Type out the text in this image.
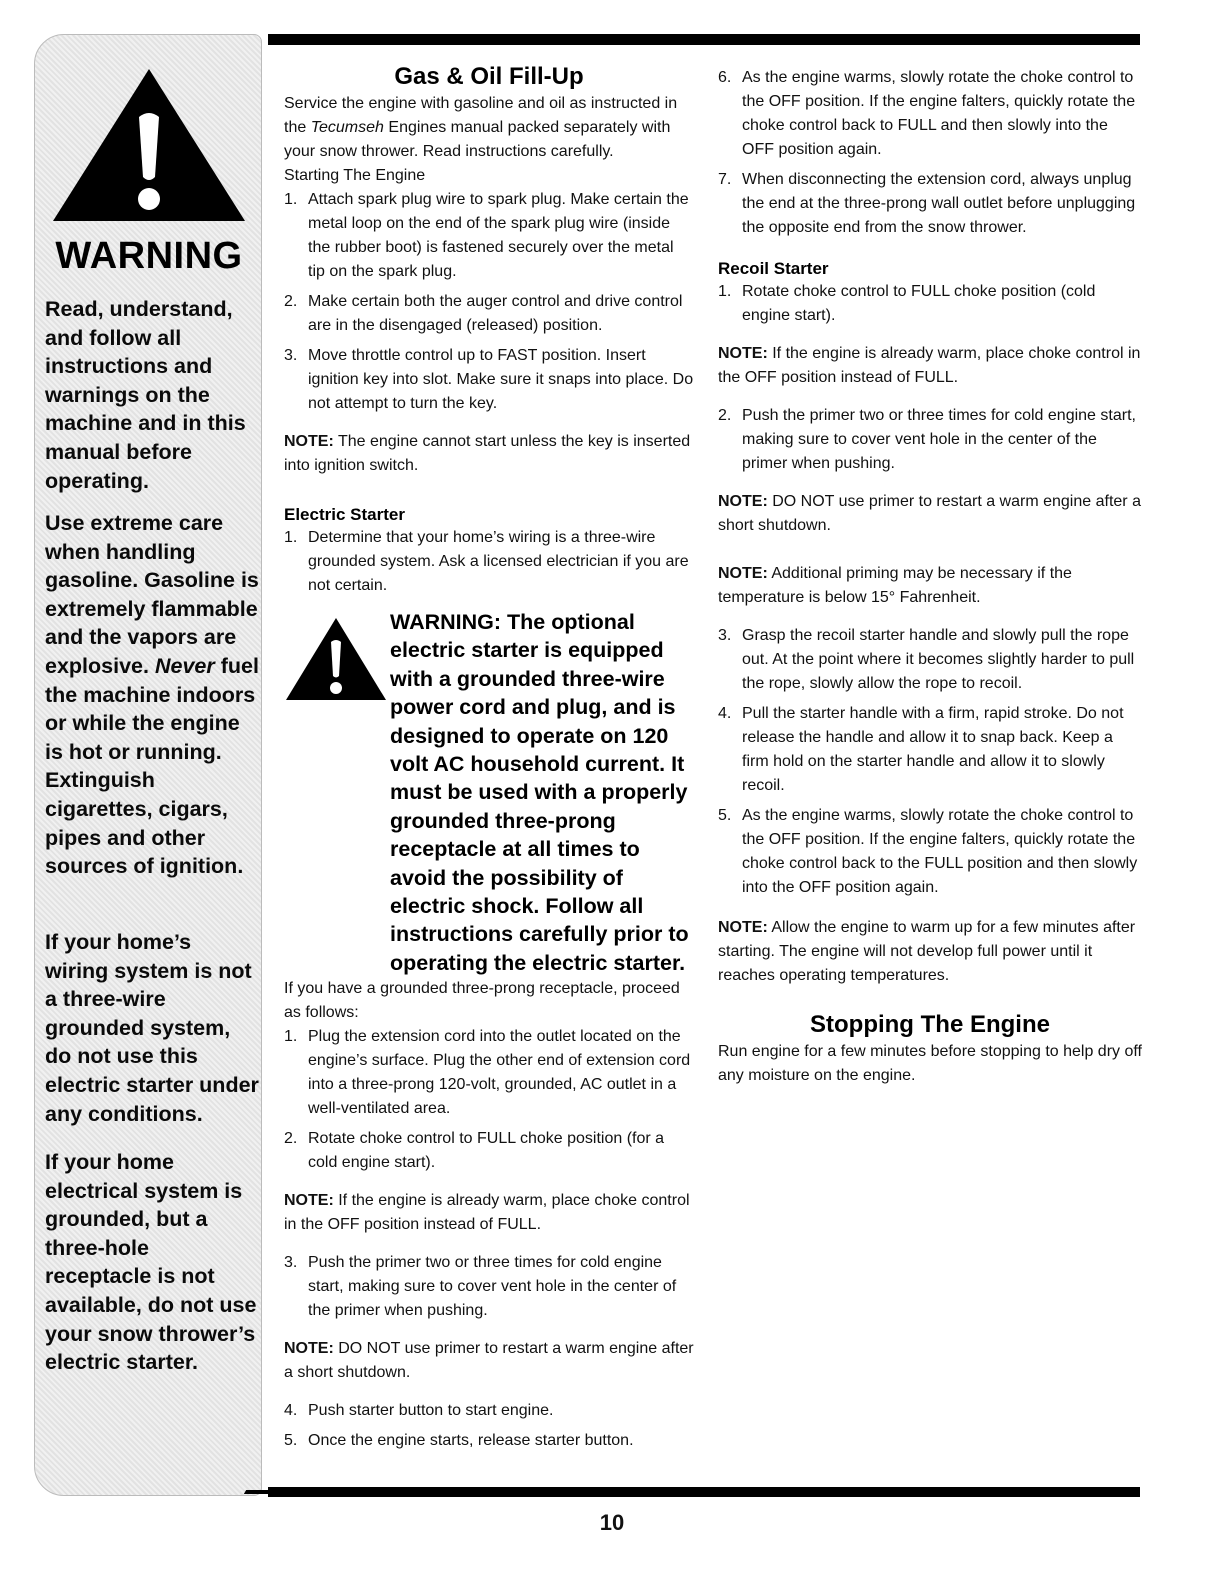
WARNING
Read, understand, and follow all instructions and warnings on the machine and in this manual before operating.
Use extreme care when handling gasoline. Gasoline is extremely flammable and the vapors are explosive. Never fuel the machine indoors or while the engine is hot or running. Extinguish cigarettes, cigars, pipes and other sources of ignition.
If your home’s wiring system is not a three-wire grounded system, do not use this electric starter under any conditions.
If your home electrical system is grounded, but a three-hole receptacle is not available, do not use your snow thrower’s electric starter.
Gas & Oil Fill-Up

Service the engine with gasoline and oil as instructed in the Tecumseh Engines manual packed separately with your snow thrower. Read instructions carefully.

Starting The Engine

1. Attach spark plug wire to spark plug. Make certain the metal loop on the end of the spark plug wire (inside the rubber boot) is fastened securely over the metal tip on the spark plug.
2. Make certain both the auger control and drive control are in the disengaged (released) position.
3. Move throttle control up to FAST position. Insert ignition key into slot. Make sure it snaps into place. Do not attempt to turn the key.

NOTE: The engine cannot start unless the key is inserted into ignition switch.

Electric Starter
1. Determine that your home’s wiring is a three-wire grounded system. Ask a licensed electrician if you are not certain.
WARNING: The optional electric starter is equipped with a grounded three-wire power cord and plug, and is designed to operate on 120 volt AC household current. It must be used with a properly grounded three-prong receptacle at all times to avoid the possibility of electric shock. Follow all instructions carefully prior to operating the electric starter.

If you have a grounded three-prong receptacle, proceed as follows:

1. Plug the extension cord into the outlet located on the engine’s surface. Plug the other end of extension cord into a three-prong 120-volt, grounded, AC outlet in a well-ventilated area.
2. Rotate choke control to FULL choke position (for a cold engine start).

NOTE: If the engine is already warm, place choke control in the OFF position instead of FULL.

3. Push the primer two or three times for cold engine start, making sure to cover vent hole in the center of the primer when pushing.

NOTE: DO NOT use primer to restart a warm engine after a short shutdown.

4. Push starter button to start engine.
5. Once the engine starts, release starter button.
6. As the engine warms, slowly rotate the choke control to the OFF position. If the engine falters, quickly rotate the choke control back to FULL and then slowly into the OFF position again.
7. When disconnecting the extension cord, always unplug the end at the three-prong wall outlet before unplugging the opposite end from the snow thrower.
Recoil Starter
1. Rotate choke control to FULL choke position (cold engine start).

NOTE: If the engine is already warm, place choke control in the OFF position instead of FULL.

2. Push the primer two or three times for cold engine start, making sure to cover vent hole in the center of the primer when pushing.

NOTE: DO NOT use primer to restart a warm engine after a short shutdown.

NOTE: Additional priming may be necessary if the temperature is below 15° Fahrenheit.

3. Grasp the recoil starter handle and slowly pull the rope out. At the point where it becomes slightly harder to pull the rope, slowly allow the rope to recoil.
4. Pull the starter handle with a firm, rapid stroke. Do not release the handle and allow it to snap back. Keep a firm hold on the starter handle and allow it to slowly recoil.
5. As the engine warms, slowly rotate the choke control to the OFF position. If the engine falters, quickly rotate the choke control back to the FULL position and then slowly into the OFF position again.

NOTE: Allow the engine to warm up for a few minutes after starting. The engine will not develop full power until it reaches operating temperatures.

Stopping The Engine

Run engine for a few minutes before stopping to help dry off any moisture on the engine.

10
